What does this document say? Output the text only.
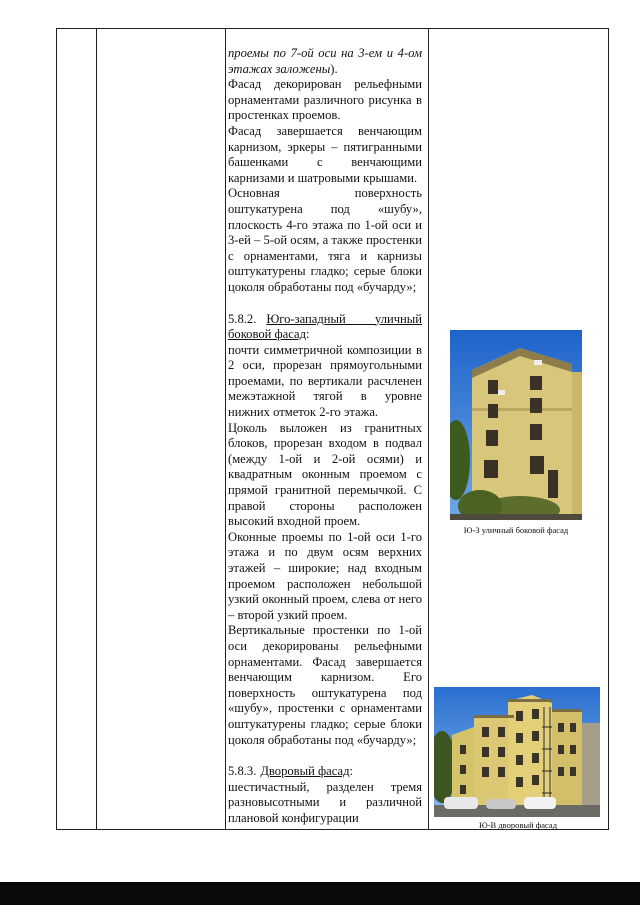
проемы по 7-ой оси на 3-ем и 4-ом этажах заложены).

Фасад декорирован рельефными орнаментами различного рисунка в простенках проемов.

Фасад завершается венчающим карнизом, эркеры – пятигранными башенками с венчающими карнизами и шатровыми крышами.

Основная поверхность оштукатурена под «шубу», плоскость 4-го этажа по 1-ой оси и 3-ей – 5-ой осям, а также простенки с орнаментами, тяга и карнизы оштукатурены гладко; серые блоки цоколя обработаны под «бучарду»;

5.8.2. Юго-западный уличный боковой фасад:

почти симметричной композиции в 2 оси, прорезан прямоугольными проемами, по вертикали расчленен межэтажной тягой в уровне нижних отметок 2-го этажа.

Цоколь выложен из гранитных блоков, прорезан входом в подвал (между 1-ой и 2-ой осями) и квадратным оконным проемом с прямой гранитной перемычкой. С правой стороны расположен высокий входной проем.

Оконные проемы по 1-ой оси 1-го этажа и по двум осям верхних этажей – широкие; над входным проемом расположен небольшой узкий оконный проем, слева от него – второй узкий проем.

Вертикальные простенки по 1-ой оси декорированы рельефными орнаментами. Фасад завершается венчающим карнизом. Его поверхность оштукатурена под «шубу», простенки с орнаментами оштукатурены гладко; серые блоки цоколя обработаны под «бучарду»;

5.8.3. Дворовый фасад:

шестичастный, разделен тремя разновысотными и различной плановой конфигурации

Ю-З уличный боковой фасад
Ю-В дворовый фасад
